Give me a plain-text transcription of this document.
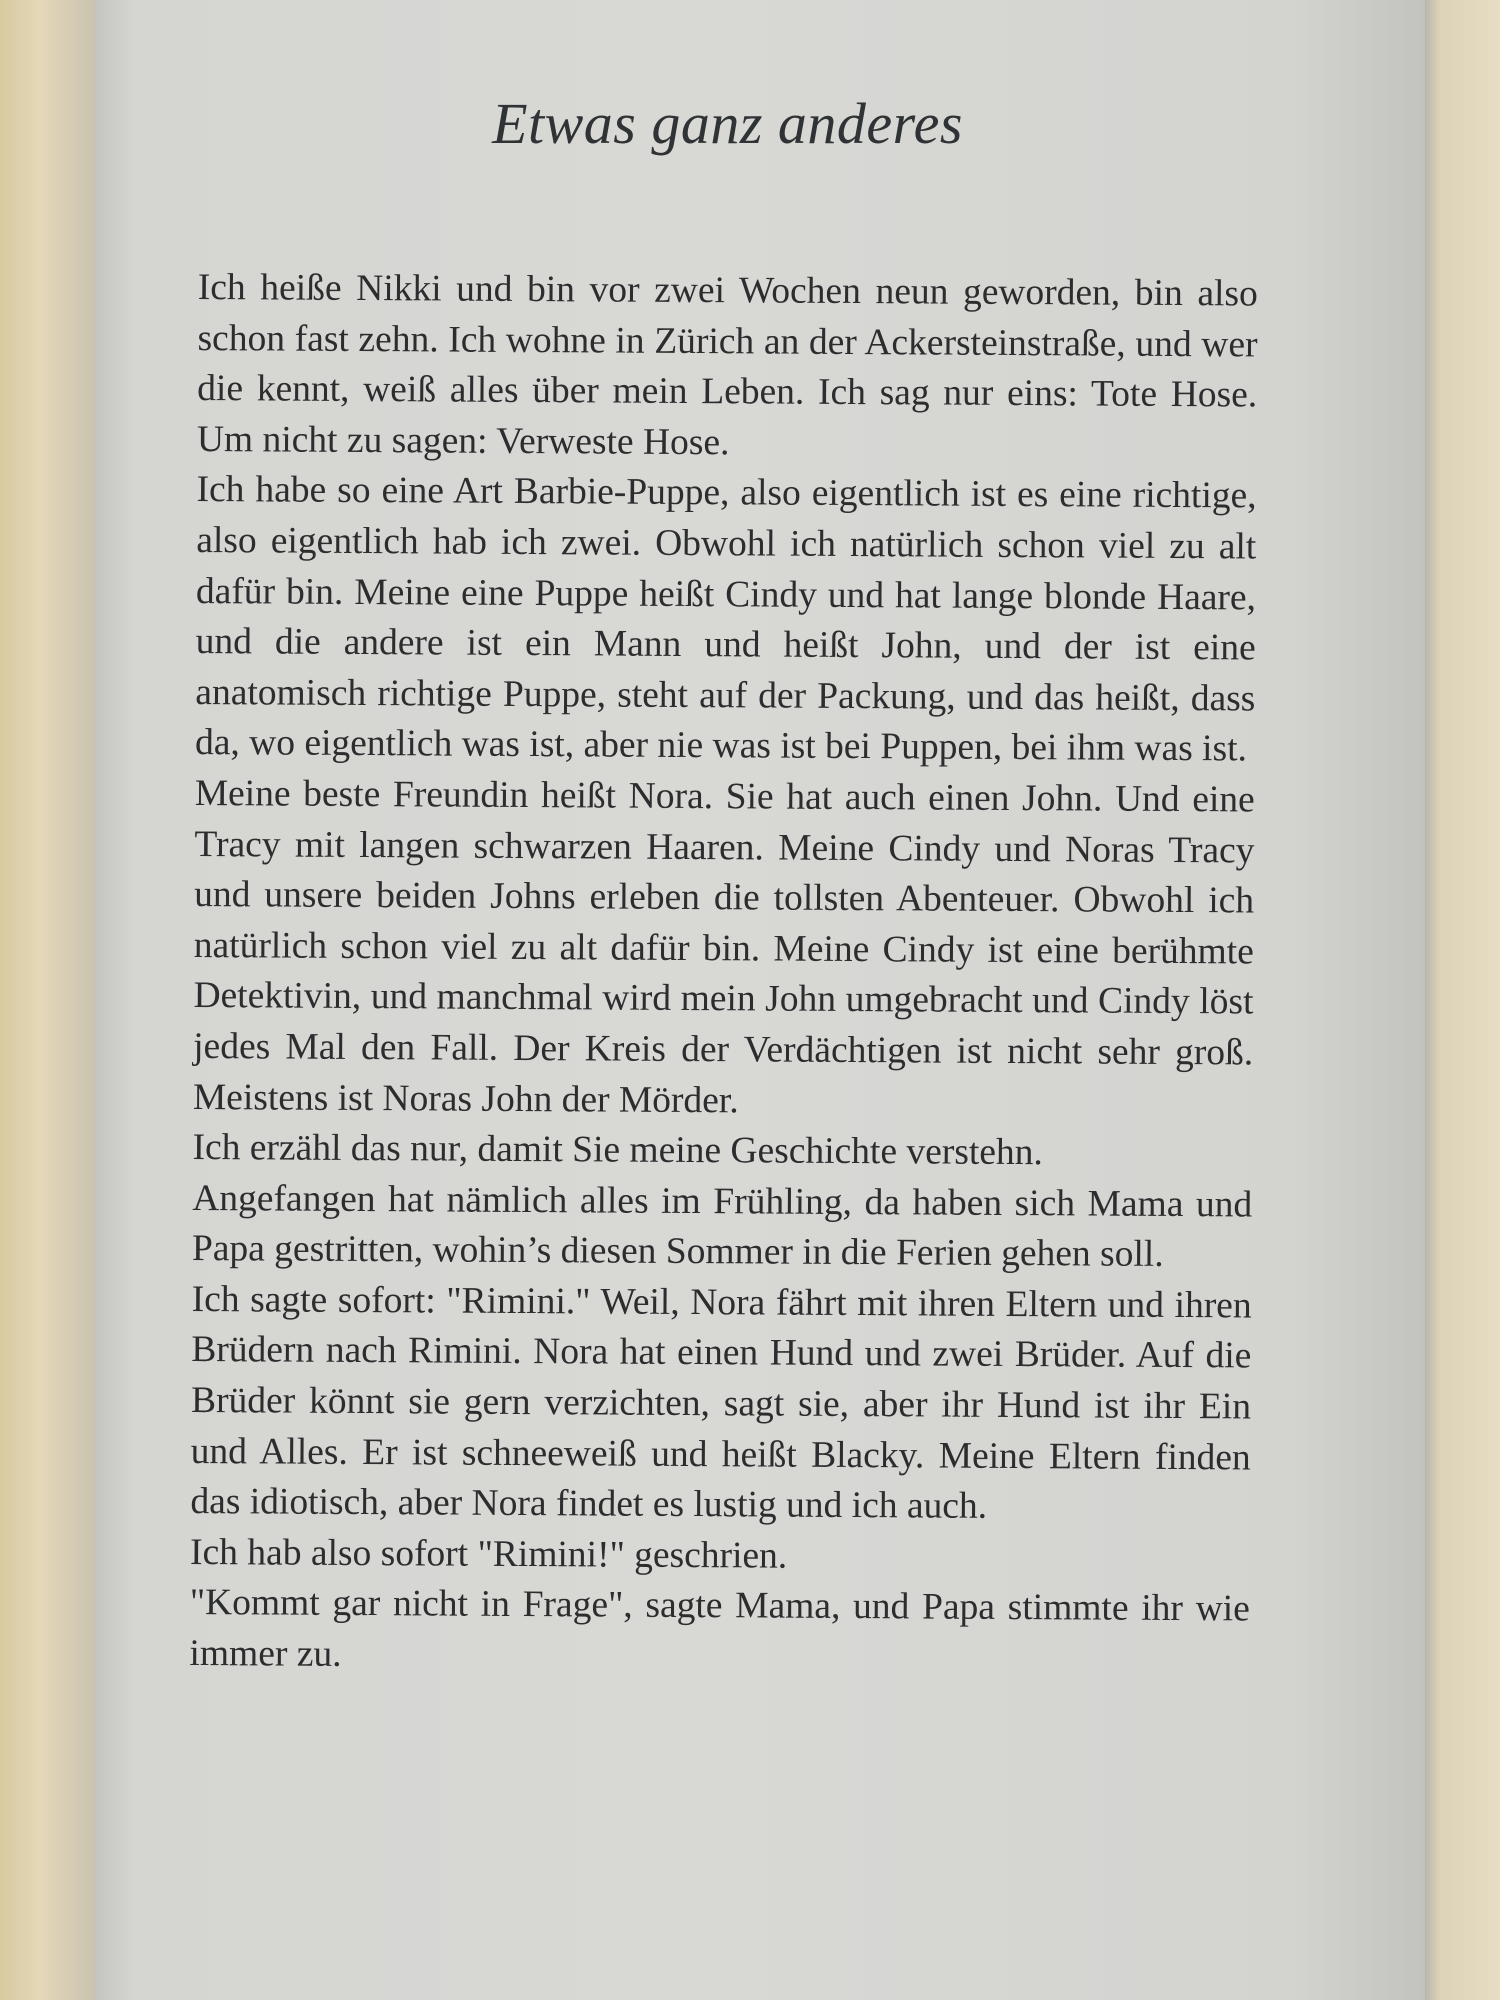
Etwas ganz anderes

Ich heiße Nikki und bin vor zwei Wochen neun geworden, bin also schon fast zehn. Ich wohne in Zürich an der Ackersteinstraße, und wer die kennt, weiß alles über mein Leben. Ich sag nur eins: Tote Hose. Um nicht zu sagen: Verweste Hose.

Ich habe so eine Art Barbie-Puppe, also eigentlich ist es eine richtige, also eigentlich hab ich zwei. Obwohl ich natürlich schon viel zu alt dafür bin. Meine eine Puppe heißt Cindy und hat lange blonde Haare, und die andere ist ein Mann und heißt John, und der ist eine anatomisch richtige Puppe, steht auf der Packung, und das heißt, dass da, wo eigentlich was ist, aber nie was ist bei Puppen, bei ihm was ist.

Meine beste Freundin heißt Nora. Sie hat auch einen John. Und eine Tracy mit langen schwarzen Haaren. Meine Cindy und Noras Tracy und unsere beiden Johns erleben die tollsten Abenteuer. Obwohl ich natürlich schon viel zu alt dafür bin. Meine Cindy ist eine berühmte Detektivin, und manchmal wird mein John umgebracht und Cindy löst jedes Mal den Fall. Der Kreis der Verdächtigen ist nicht sehr groß. Meistens ist Noras John der Mörder.

Ich erzähl das nur, damit Sie meine Geschichte verstehn.

Angefangen hat nämlich alles im Frühling, da haben sich Mama und Papa gestritten, wohin’s diesen Sommer in die Ferien gehen soll.

Ich sagte sofort: "Rimini." Weil, Nora fährt mit ihren Eltern und ihren Brüdern nach Rimini. Nora hat einen Hund und zwei Brüder. Auf die Brüder könnt sie gern verzichten, sagt sie, aber ihr Hund ist ihr Ein und Alles. Er ist schneeweiß und heißt Blacky. Meine Eltern finden das idiotisch, aber Nora findet es lustig und ich auch.

Ich hab also sofort "Rimini!" geschrien.

"Kommt gar nicht in Frage", sagte Mama, und Papa stimmte ihr wie immer zu.
